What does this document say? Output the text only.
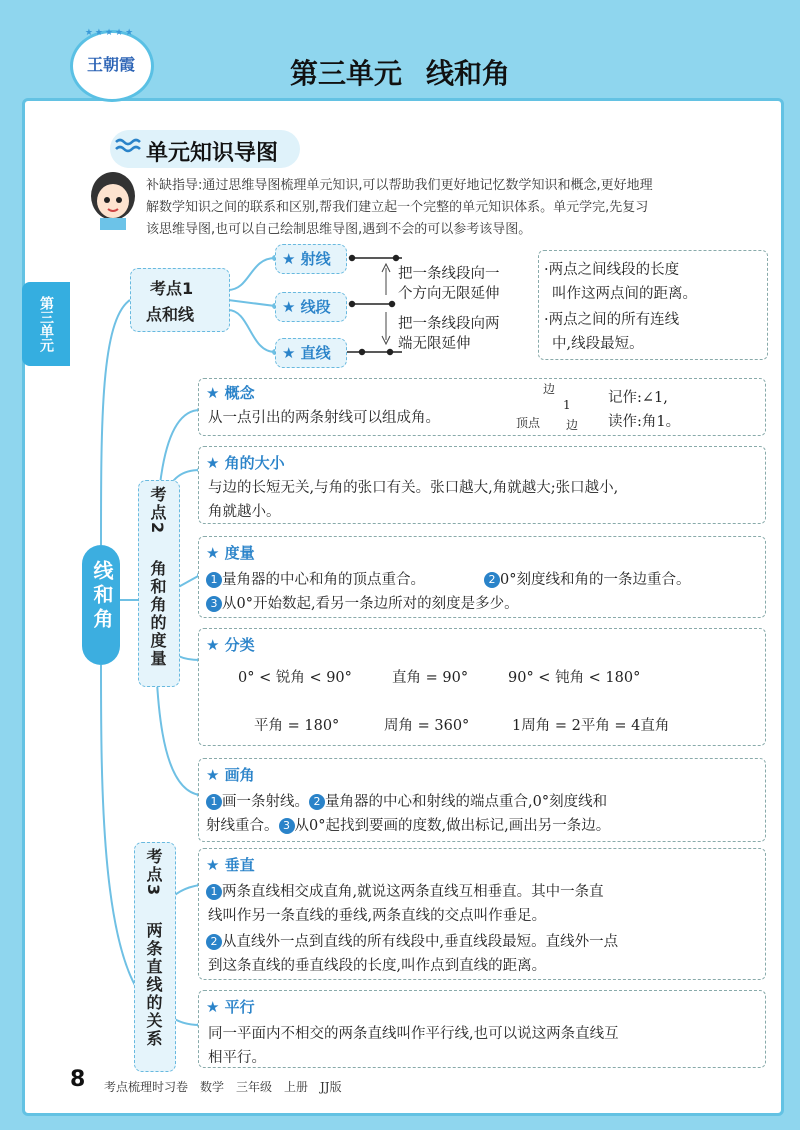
第三单元
★★★★★
王朝霞	第三单元 线和角
单元知识导图
补缺指导:通过思维导图梳理单元知识,可以帮助我们更好地记忆数学知识和概念,更好地理
解数学知识之间的联系和区别,帮我们建立起一个完整的单元知识体系。单元学完,先复习
该思维导图,也可以自己绘制思维导图,遇到不会的可以参考该导图。
线和角
考点1
点和线
★ 射线
★ 线段
★ 直线
把一条线段向一
个方向无限延伸
把一条线段向两
端无限延伸
·两点之间线段的长度
叫作这两点间的距离。
·两点之间的所有连线
中,线段最短。
考点2
角和角的度量
★ 概念
从一点引出的两条射线可以组成角。
边
1
顶点 边
记作:∠1,
读作:角1。
★ 角的大小
与边的长短无关,与角的张口有关。张口越大,角就越大;张口越小,
角就越小。
★ 度量
1 量角器的中心和角的顶点重合。	2 0°刻度线和角的一条边重合。
3 从0°开始数起,看另一条边所对的刻度是多少。
★ 分类
0° < 锐角 < 90°	直角 = 90°	90° < 钝角 < 180°
平角 = 180°	周角 = 360°	1周角 = 2平角 = 4直角
★ 画角
1 画一条射线。 2 量角器的中心和射线的端点重合,0°刻度线和
射线重合。 3 从0°起找到要画的度数,做出标记,画出另一条边。
考点3
两条直线的关系
★ 垂直
1 两条直线相交成直角,就说这两条直线互相垂直。其中一条直
线叫作另一条直线的垂线,两条直线的交点叫作垂足。
2 从直线外一点到直线的所有线段中,垂直线段最短。直线外一点
到这条直线的垂直线段的长度,叫作点到直线的距离。
★ 平行
同一平面内不相交的两条直线叫作平行线,也可以说这两条直线互
相平行。
8 考点梳理时习卷　数学　三年级　上册　JJ版
